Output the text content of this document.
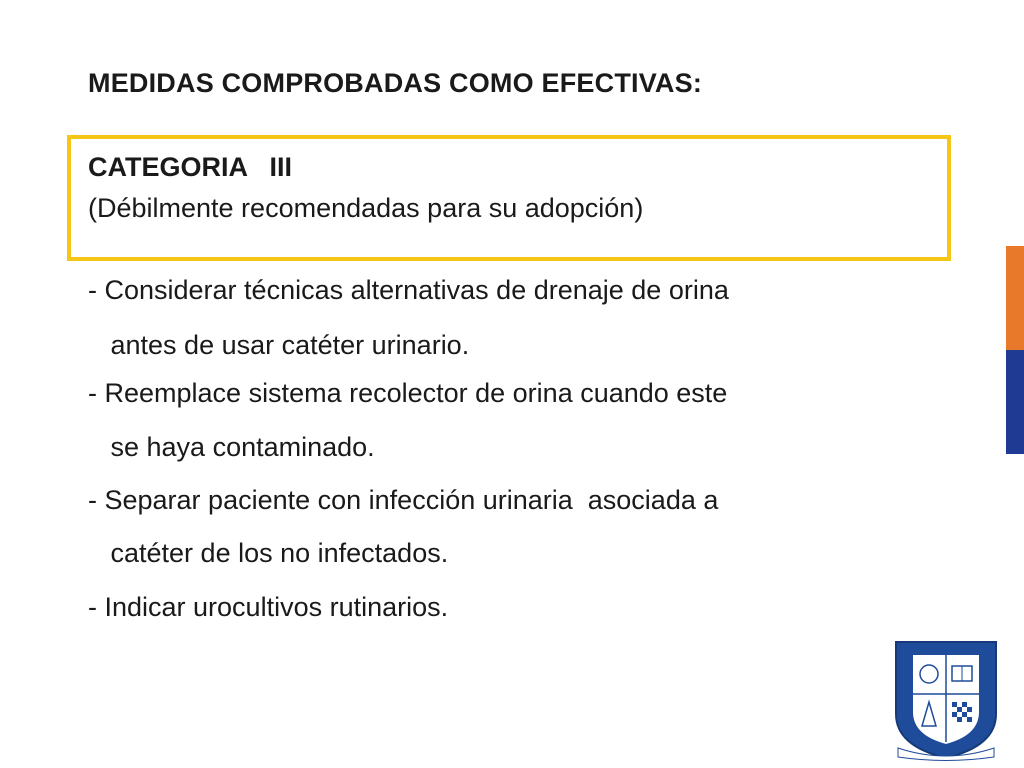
MEDIDAS COMPROBADAS COMO EFECTIVAS:
CATEGORIA   III
(Débilmente recomendadas para su adopción)
- Considerar técnicas alternativas de drenaje de orina
antes de usar catéter urinario.
- Reemplace sistema recolector de orina cuando este
se haya contaminado.
- Separar paciente con infección urinaria  asociada a
catéter de los no infectados.
- Indicar urocultivos rutinarios.
